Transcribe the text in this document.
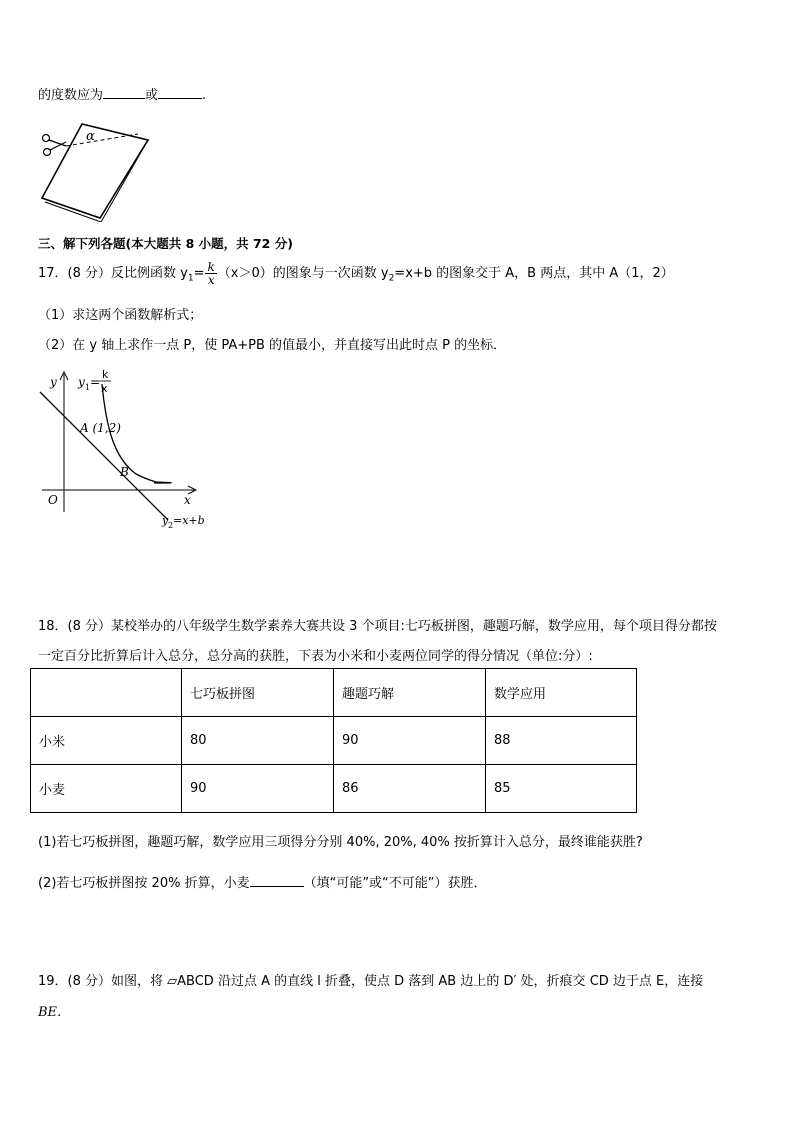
的度数应为	或	.
α
三、解下列各题(本大题共 8 小题，共 72 分)
17．(8 分）反比例函数 $y_1= \frac{k}{x} (x>0)$的图象与一次函数 $y_2=x+b$ 的图象交于 A，B 两点，其中 A（1，2）
（1）求这两个函数解析式；
（2）在 y 轴上求作一点 P，使 PA+PB 的值最小，并直接写出此时点 P 的坐标．
y
x
O
y 1 =
k
x
A (1,2)
B
y 2 =x+b
18．(8 分）某校举办的八年级学生数学素养大赛共设 3 个项目:七巧板拼图，趣题巧解，数学应用，每个项目得分都按
一定百分比折算后计入总分，总分高的获胜，下表为小米和小麦两位同学的得分情况（单位:分）:
	七巧板拼图	趣题巧解	数学应用
小米	80	90	88
小麦	90	86	85
(1)若七巧板拼图，趣题巧解，数学应用三项得分分别 40%, 20%, 40% 按折算计入总分，最终谁能获胜?
(2)若七巧板拼图按 20% 折算，小麦	（填“可能”或“不可能”）获胜．
19．(8 分）如图，将 ▱ABCD 沿过点 A 的直线 l 折叠，使点 D 落到 AB 边上的 D′ 处，折痕交 CD 边于点 E，连接
BE．
